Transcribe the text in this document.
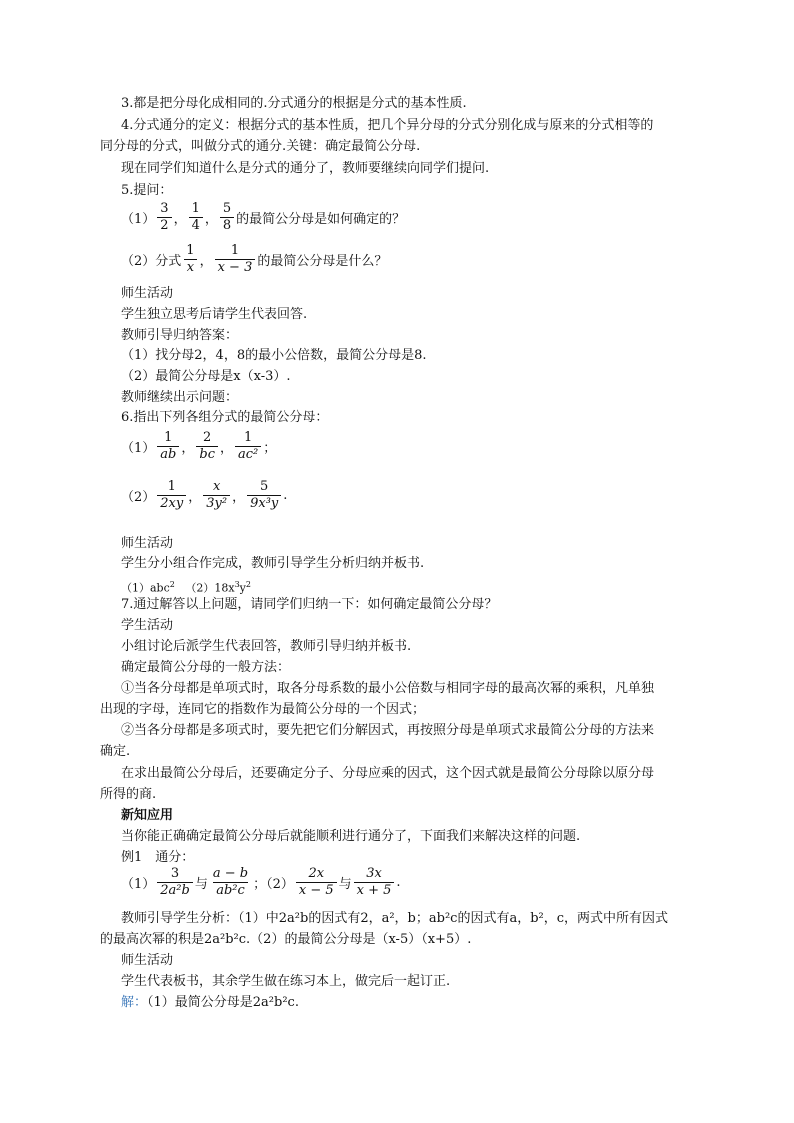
3.都是把分母化成相同的.分式通分的根据是分式的基本性质.
4.分式通分的定义：根据分式的基本性质，把几个异分母的分式分别化成与原来的分式相等的
同分母的分式，叫做分式的通分.关键：确定最简公分母.
现在同学们知道什么是分式的通分了，教师要继续向同学们提问.
5.提问：
$(1) \frac{3}{2}$ ， $\frac{1}{4}$ ， $\frac{5}{8}$ 的最简公分母是如何确定的？
（2）分式 $\frac{1}{x}$ ， $\frac{1}{x - 3}$ 的最简公分母是什么？
师生活动
学生独立思考后请学生代表回答.
教师引导归纳答案：
（1）找分母2，4，8的最小公倍数，最简公分母是8.
（2）最简公分母是x（x-3）.
教师继续出示问题：
6.指出下列各组分式的最简公分母：
$(1) \frac{1}{ab}$ ， $\frac{2}{bc}$ ， $\frac{1}{\text{ac²}}$ ；
$(2) \frac{1}{2xy}$ ， $\frac{x}{\text{3y²}}$ ， $\frac{5}{\text{9x³y}}$ .
师生活动
学生分小组合作完成，教师引导学生分析归纳并板书.
（1）abc$^2$ $(2)18x^3y^2$
7.通过解答以上问题，请同学们归纳一下：如何确定最简公分母？
学生活动
小组讨论后派学生代表回答，教师引导归纳并板书.
确定最简公分母的一般方法：
①当各分母都是单项式时，取各分母系数的最小公倍数与相同字母的最高次幂的乘积，凡单独
出现的字母，连同它的指数作为最简公分母的一个因式；
②当各分母都是多项式时，要先把它们分解因式，再按照分母是单项式求最简公分母的方法来
确定.
在求出最简公分母后，还要确定分子、分母应乘的因式，这个因式就是最简公分母除以原分母
所得的商.
新知应用
当你能正确确定最简公分母后就能顺利进行通分了，下面我们来解决这样的问题.
例1　通分：
$(1) \frac{3}{\text{2a²b}}$ 与 $\frac{a - b}{\text{ab²c}}$ ；$(2) \frac{2x}{x - 5}$ 与 $\frac{3x}{x + 5}$ .
教师引导学生分析：（1）中2a²b的因式有2，a²，b；ab²c的因式有a，b²，c，两式中所有因式
的最高次幂的积是2a²b²c.（2）的最简公分母是（x-5）（x+5）.
师生活动
学生代表板书，其余学生做在练习本上，做完后一起订正.
解：（1）最简公分母是2a²b²c.
